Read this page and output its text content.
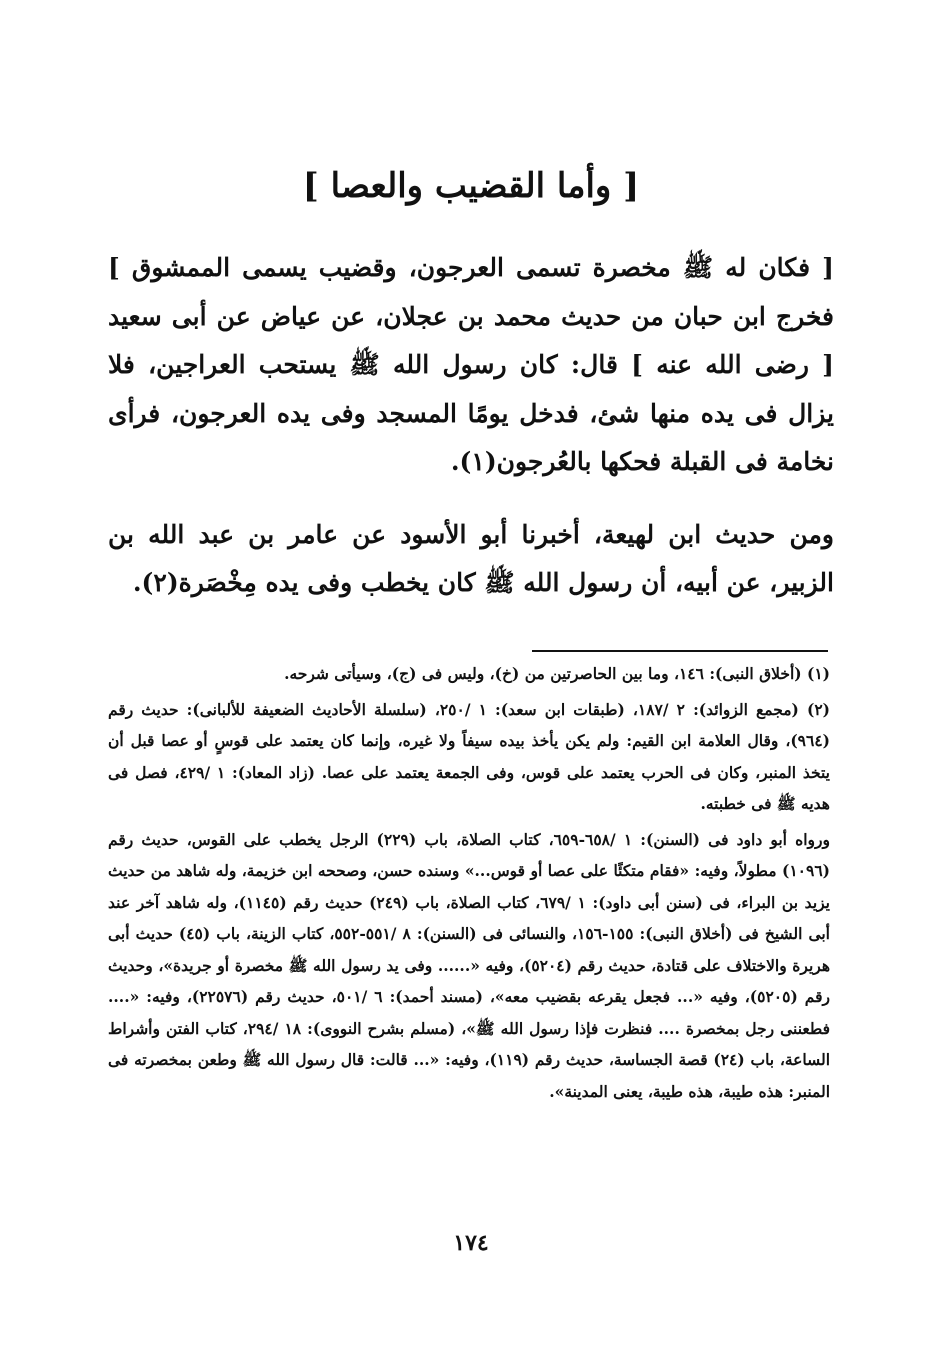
[ وأما القضيب والعصا ]

[ فكان له ﷺ مخصرة تسمى العرجون، وقضيب يسمى الممشوق ] فخرج ابن حبان من حديث محمد بن عجلان، عن عياض عن أبى سعيد [ رضى الله عنه ] قال: كان رسول الله ﷺ يستحب العراجين، فلا يزال فى يده منها شئ، فدخل يومًا المسجد وفى يده العرجون، فرأى نخامة فى القبلة فحكها بالعُرجون(١).

ومن حديث ابن لهيعة، أخبرنا أبو الأسود عن عامر بن عبد الله بن الزبير، عن أبيه، أن رسول الله ﷺ كان يخطب وفى يده مِخْصَرة(٢).

(١) (أخلاق النبى): ١٤٦، وما بين الحاصرتين من (خ)، وليس فى (ج)، وسيأتى شرحه.

(٢) (مجمع الزوائد): ٢ /١٨٧، (طبقات ابن سعد): ١ /٢٥٠، (سلسلة الأحاديث الضعيفة للألبانى): حديث رقم (٩٦٤)، وقال العلامة ابن القيم: ولم يكن يأخذ بيده سيفاً ولا غيره، وإنما كان يعتمد على قوسٍ أو عصا قبل أن يتخذ المنبر، وكان فى الحرب يعتمد على قوس، وفى الجمعة يعتمد على عصا. (زاد المعاد): ١ /٤٢٩، فصل فى هديه ﷺ فى خطبته.

ورواه أبو داود فى (السنن): ١ /٦٥٨-٦٥٩، كتاب الصلاة، باب (٢٢٩) الرجل يخطب على القوس، حديث رقم (١٠٩٦) مطولاً، وفيه: «فقام متكئًا على عصا أو قوس...» وسنده حسن، وصححه ابن خزيمة، وله شاهد من حديث يزيد بن البراء، فى (سنن أبى داود): ١ /٦٧٩، كتاب الصلاة، باب (٢٤٩) حديث رقم (١١٤٥)، وله شاهد آخر عند أبى الشيخ فى (أخلاق النبى): ١٥٥-١٥٦، والنسائى فى (السنن): ٨ /٥٥١-٥٥٢، كتاب الزينة، باب (٤٥) حديث أبى هريرة والاختلاف على قتادة، حديث رقم (٥٢٠٤)، وفيه «...... وفى يد رسول الله ﷺ مخصرة أو جريدة»، وحديث رقم (٥٢٠٥)، وفيه «... فجعل يقرعه بقضيب معه»، (مسند أحمد): ٦ /٥٠١، حديث رقم (٢٢٥٧٦)، وفيه: «.... فطعننى رجل بمخصرة .... فنظرت فإذا رسول الله ﷺ»، (مسلم بشرح النووى): ١٨ /٢٩٤، كتاب الفتن وأشراط الساعة، باب (٢٤) قصة الجساسة، حديث رقم (١١٩)، وفيه: «... قالت: قال رسول الله ﷺ وطعن بمخصرته فى المنبر: هذه طيبة، هذه طيبة، يعنى المدينة».

١٧٤
